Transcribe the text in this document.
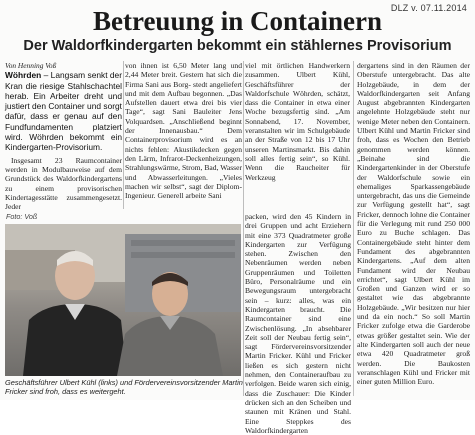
DLZ v. 07.11.2014
Betreuung in Containern
Der Waldorfkindergarten bekommt ein stählernes Provisorium

Von Henning Voß

Wöhrden – Langsam senkt der Kran die riesige Stahlschachtel herab. Ein Arbeiter dreht und justiert den Container und sorgt dafür, dass er genau auf den Fundfundamenten platziert wird. Wöhrden bekommt ein Kindergarten-Provisorium.

Insgesamt 23 Raumcontainer werden in Modulbauweise auf dem Grundstück des Waldorfkindergartens zu einem provisorischen Kindertagesstätte zusammengesetzt. Jeder

von ihnen ist 6,50 Meter lang und 2,44 Meter breit. Gestern hat sich die Firma Sani aus Borg- stedt angeliefert und mit dem Aufbau begonnen. „Das Aufstellen dauert etwa drei bis vier Tage“, sagt Sani Bauleiter Jens Volquardsen. „Anschließend beginnt der Innenausbau.“ Dem Containerprovisorium wird es an nichts fehlen: Akustikdecken gegen den Lärm, Infrarot-Deckenheizungen, Strahlungswärme, Strom, Bad, Wasser und Abwasserleitungen. „Vieles machen wir selbst“, sagt der Diplom-Ingenieur. Generell arbeite Sani

viel mit örtlichen Handwerkern zusammen. Ulbert Kühl, Geschäftsführer der Waldorfschule Wöhrden, schätzt, dass die Container in etwa einer Woche bezugsfertig sind. „Am Sonnabend, 17. November, veranstalten wir im Schulgebäude an der Straße von 12 bis 17 Uhr unseren Martinsmarkt. Bis dahin soll alles fertig sein“, so Kühl. Wenn die Raucheiter für Werkzeug

packen, wird den 45 Kindern in drei Gruppen und acht Erziehern mit eine 373 Quadratmeter große Kindergarten zur Verfügung stehen. Zwischen den Nebenräumen werden neben Gruppenräumen und Toiletten Büro, Personalräume und ein Bewegungsraum untergebracht sein – kurz: alles, was ein Kindergarten braucht. Die Raumcontainer sind eine Zwischenlösung. „In absehbarer Zeit soll der Neubau fertig sein“, sagt Fördervereinsvorsitzender Martin Fricker. Kühl und Fricker ließen es sich gestern nicht nehmen, den Containeraufbau zu verfolgen. Beide waren sich einig, dass die Zuschauer: Die Kinder drücken sich an den Scheiben und staunen mit Kränen und Stahl. Eine Steppkes des Waldorfkindergarten

dergartens sind in den Räumen der Oberstufe untergebracht. Das alte Holzgebäude, in dem der Waldorfkindergarten seit Anfang August abgebrannten Kindergarten angelehnte Holzgebäude steht nur wenige Meter neben den Containern. Ulbert Kühl und Martin Fricker sind froh, dass es Wochen den Betrieb genommen werden können. „Beinahe sind die Kindergartenkinder in der Oberstufe der Waldorfschule sowie ein ehemaliges Sparkassengebäude untergebracht, das uns die Gemeinde zur Verfügung gestellt hat“, sagt Fricker, dennoch lohne die Container für die Verlegung mit rund 250 000 Euro zu Buche schlagen. Das Containergebäude steht hinter dem Fundament des abgebrannten Kindergartens. „Auf dem alten Fundament wird der Neubau errichtet“, sagt Ulbert Kühl im Großen und Ganzen wird er so gestaltet wie das abgebrannte Holzgebäude. „Wir besitzen nur hier und da ein noch.“ So soll Martin Fricker zufolge etwa die Garderobe etwas größer gestaltet sein. Wie der alte Kindergarten soll auch der neue etwa 420 Quadratmeter groß werden. Die Baukosten veranschlagen Kühl und Fricker mit einer guten Million Euro.

Foto: Voß
Geschäftsführer Ulbert Kühl (links) und Fördervereinsvorsitzender Martin Fricker sind froh, dass es weitergeht.
